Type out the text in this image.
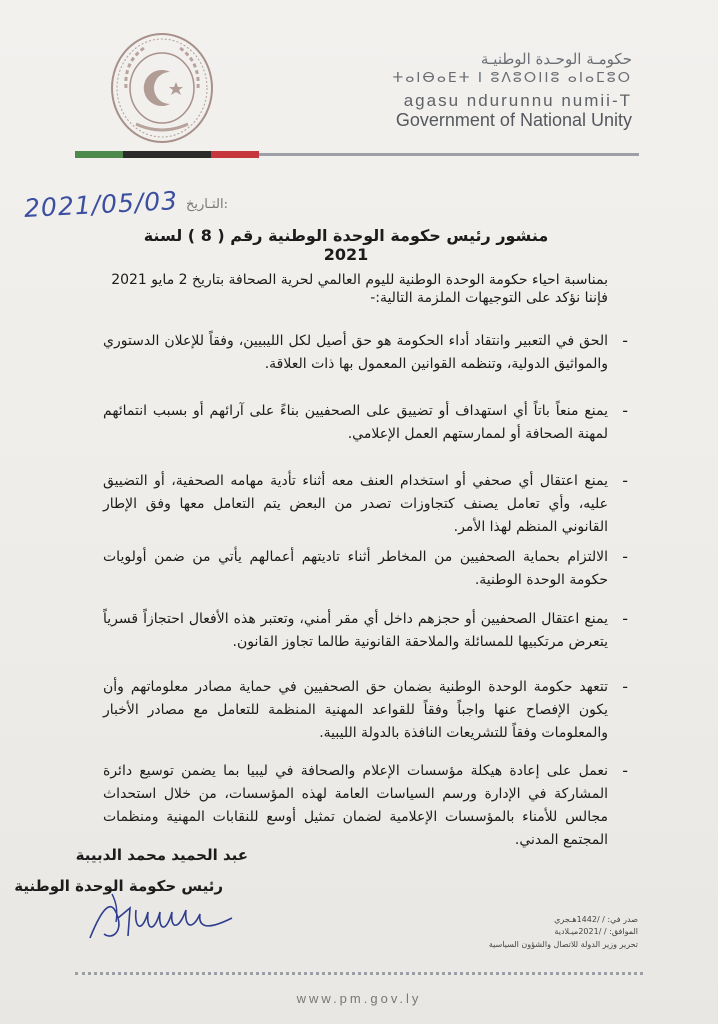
حكومـة الوحـدة الوطنيـة
ⵜⴰⵏⴱⴰⴹⵜ ⵏ ⵓⴷⵓⵔⵏⵏⵓ ⴰⵏⴰⵎⵓⵔ
agasu ndurunnu numii-T
Government of National Unity
التـاريخ:
2021/05/03
منشور رئيس حكومة الوحدة الوطنية رقم ( 8 ) لسنة 2021
بمناسبة احياء حكومة الوحدة الوطنية لليوم العالمي لحرية الصحافة بتاريخ 2 مايو 2021
فإننا نؤكد على التوجيهات الملزمة التالية:-
-
الحق في التعبير وانتقاد أداء الحكومة هو حق أصيل لكل الليبيين، وفقاً للإعلان الدستوري والمواثيق الدولية، وتنظمه القوانين المعمول بها ذات العلاقة.
-
يمنع منعاً باتاً أي استهداف أو تضييق على الصحفيين بناءً على آرائهم أو بسبب انتمائهم لمهنة الصحافة أو لممارستهم العمل الإعلامي.
-
يمنع اعتقال أي صحفي أو استخدام العنف معه أثناء تأدية مهامه الصحفية، أو التضييق عليه، وأي تعامل يصنف كتجاوزات تصدر من البعض يتم التعامل معها وفق الإطار القانوني المنظم لهذا الأمر.
-
الالتزام بحماية الصحفيين من المخاطر أثناء تاديتهم أعمالهم يأتي من ضمن أولويات حكومة الوحدة الوطنية.
-
يمنع اعتقال الصحفيين أو حجزهم داخل أي مقر أمني، وتعتبر هذه الأفعال احتجازاً قسرياً يتعرض مرتكبيها للمسائلة والملاحقة القانونية طالما تجاوز القانون.
-
تتعهد حكومة الوحدة الوطنية بضمان حق الصحفيين في حماية مصادر معلوماتهم وأن يكون الإفصاح عنها واجباً وفقاً للقواعد المهنية المنظمة للتعامل مع مصادر الأخبار والمعلومات وفقاً للتشريعات النافذة بالدولة الليبية.
-
نعمل على إعادة هيكلة مؤسسات الإعلام والصحافة في ليبيا بما يضمن توسيع دائرة المشاركة في الإدارة ورسم السياسات العامة لهذه المؤسسات، من خلال استحداث مجالس للأمناء بالمؤسسات الإعلامية لضمان تمثيل أوسع للنقابات المهنية ومنظمات المجتمع المدني.
عبد الحميد محمد الدبيبة
رئيس حكومة الوحدة الوطنية
صدر في: / /1442هـجري
الموافق: / /2021ميـلادية
تحرير وزير الدولة للاتصال والشؤون السياسية
www.pm.gov.ly
